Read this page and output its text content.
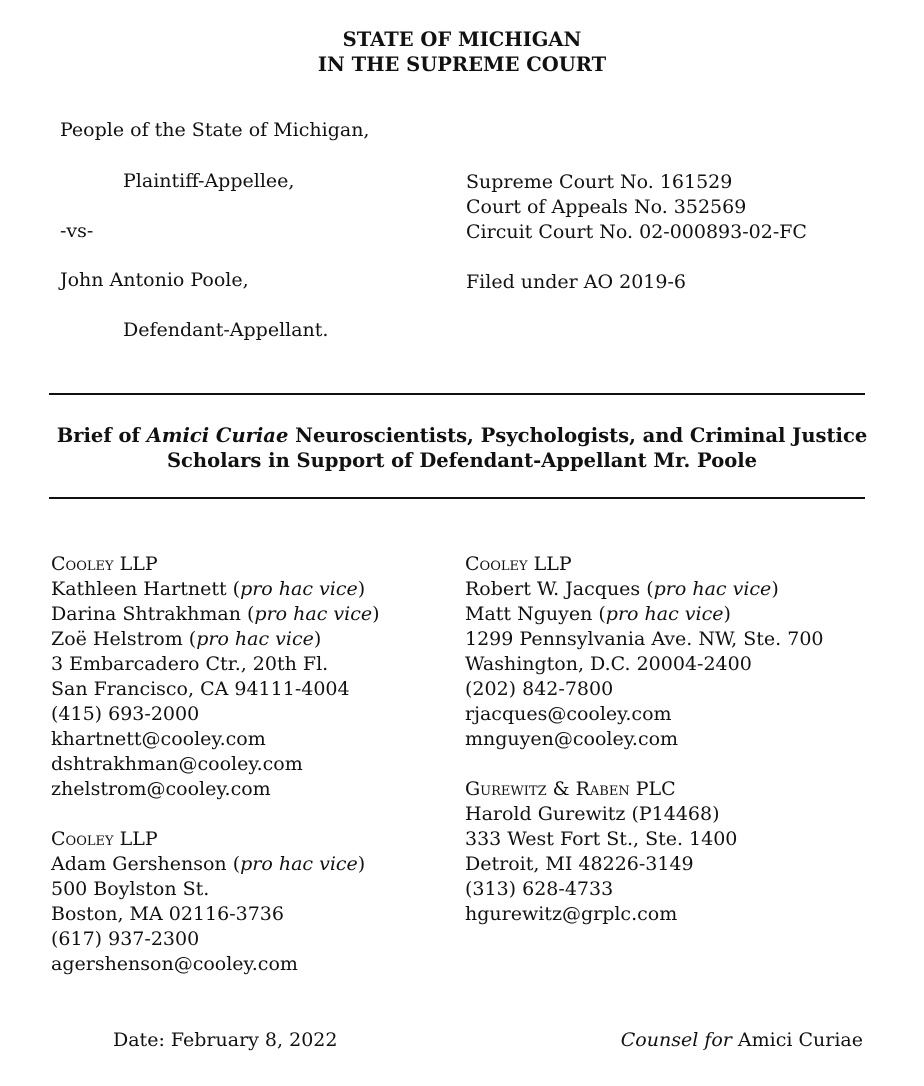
STATE OF MICHIGAN
IN THE SUPREME COURT
People of the State of Michigan,
Plaintiff-Appellee,
-vs-
John Antonio Poole,
Defendant-Appellant.
Supreme Court No. 161529
Court of Appeals No. 352569
Circuit Court No. 02-000893-02-FC
Filed under AO 2019-6
Brief of Amici Curiae Neuroscientists, Psychologists, and Criminal Justice
Scholars in Support of Defendant-Appellant Mr. Poole
Cooley LLP
Kathleen Hartnett (pro hac vice)
Darina Shtrakhman (pro hac vice)
Zoë Helstrom (pro hac vice)
3 Embarcadero Ctr., 20th Fl.
San Francisco, CA 94111-4004
(415) 693-2000
khartnett@cooley.com
dshtrakhman@cooley.com
zhelstrom@cooley.com
Cooley LLP
Adam Gershenson (pro hac vice)
500 Boylston St.
Boston, MA 02116-3736
(617) 937-2300
agershenson@cooley.com
Cooley LLP
Robert W. Jacques (pro hac vice)
Matt Nguyen (pro hac vice)
1299 Pennsylvania Ave. NW, Ste. 700
Washington, D.C. 20004-2400
(202) 842-7800
rjacques@cooley.com
mnguyen@cooley.com
Gurewitz & Raben PLC
Harold Gurewitz (P14468)
333 West Fort St., Ste. 1400
Detroit, MI 48226-3149
(313) 628-4733
hgurewitz@grplc.com
Date: February 8, 2022	Counsel for Amici Curiae
